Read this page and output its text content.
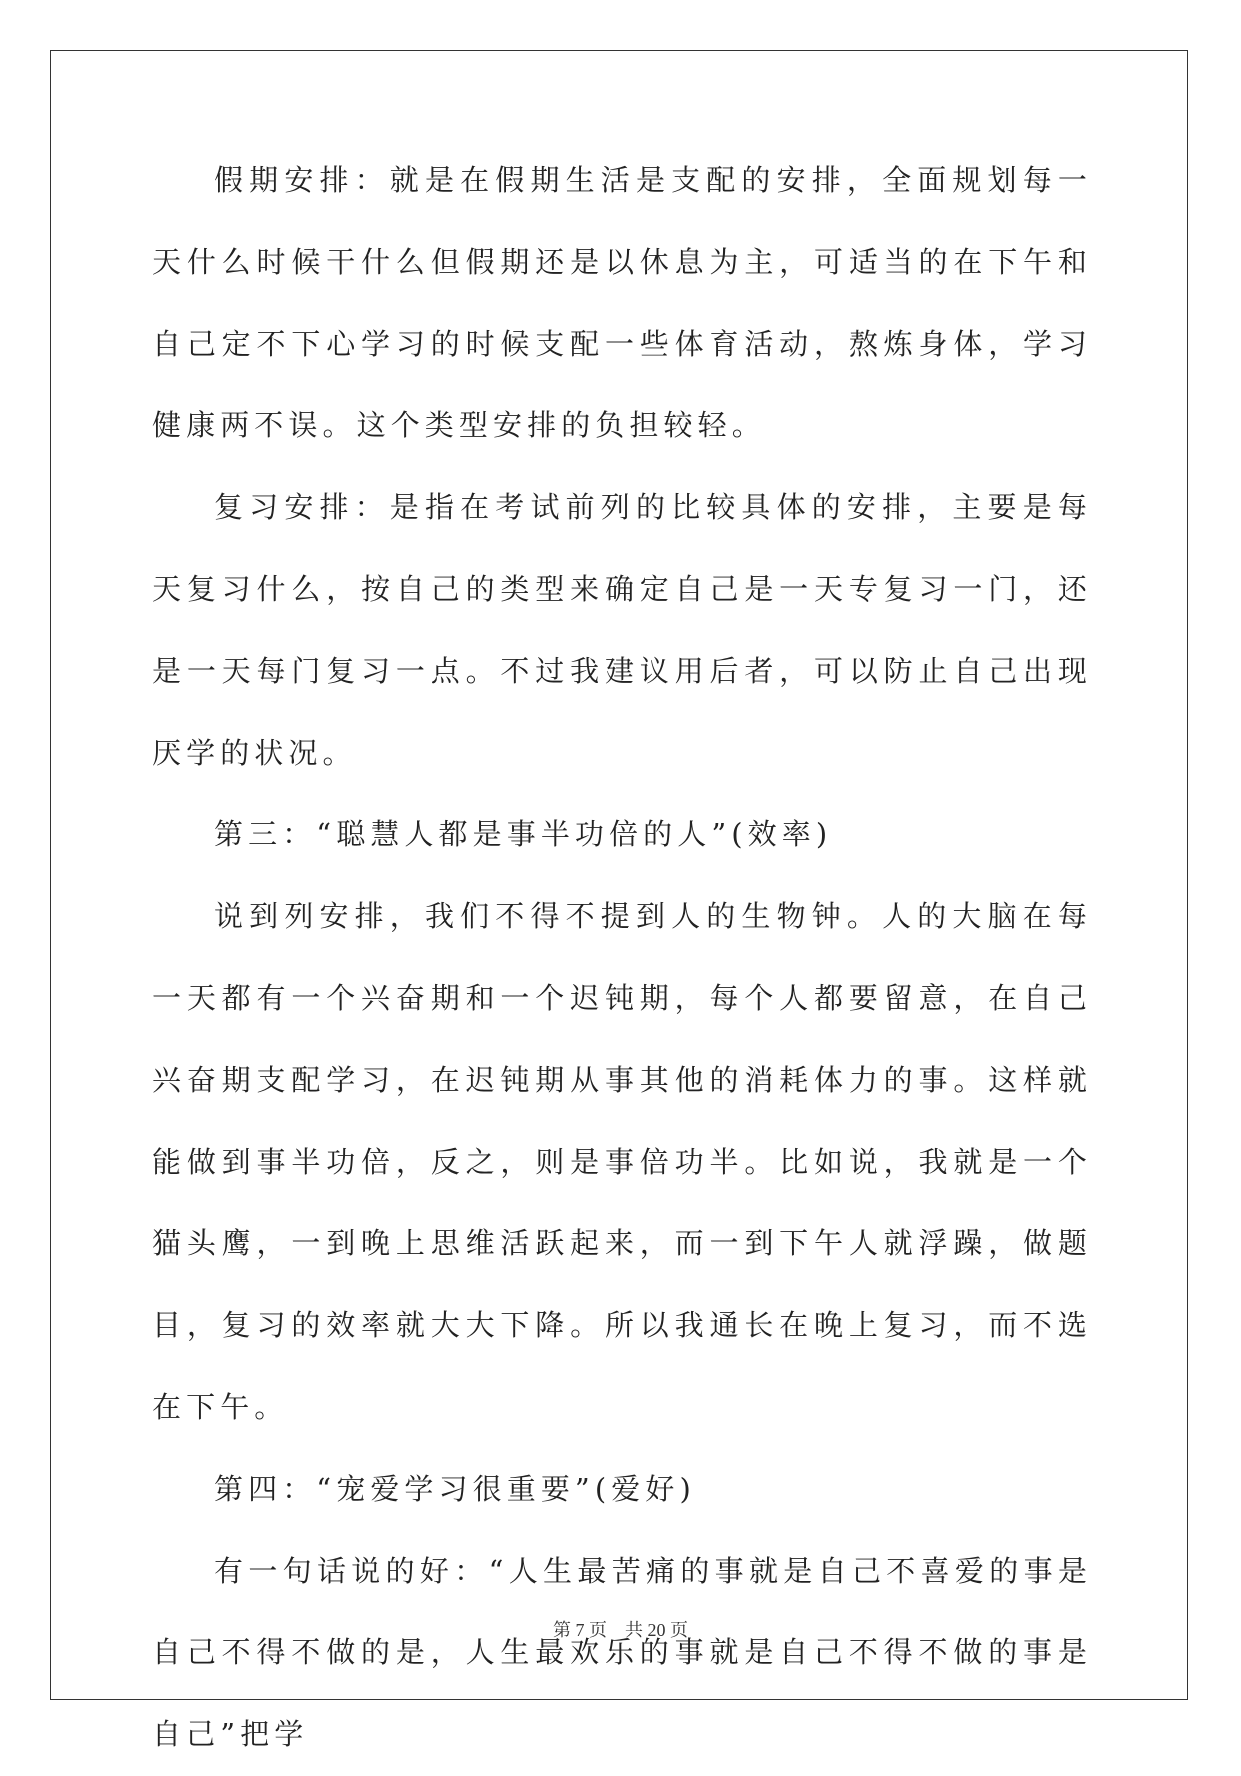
假期安排：就是在假期生活是支配的安排，全面规划每一天什么时候干什么但假期还是以休息为主，可适当的在下午和自己定不下心学习的时候支配一些体育活动，熬炼身体，学习健康两不误。这个类型安排的负担较轻。

复习安排：是指在考试前列的比较具体的安排，主要是每天复习什么，按自己的类型来确定自己是一天专复习一门，还是一天每门复习一点。不过我建议用后者，可以防止自己出现厌学的状况。

第三：“聪慧人都是事半功倍的人”(效率)

说到列安排，我们不得不提到人的生物钟。人的大脑在每一天都有一个兴奋期和一个迟钝期，每个人都要留意，在自己兴奋期支配学习，在迟钝期从事其他的消耗体力的事。这样就能做到事半功倍，反之，则是事倍功半。比如说，我就是一个猫头鹰，一到晚上思维活跃起来，而一到下午人就浮躁，做题目，复习的效率就大大下降。所以我通长在晚上复习，而不选在下午。

第四：“宠爱学习很重要”(爱好)

有一句话说的好：“人生最苦痛的事就是自己不喜爱的事是自己不得不做的是，人生最欢乐的事就是自己不得不做的事是自己”把学

第 7 页 共 20 页
